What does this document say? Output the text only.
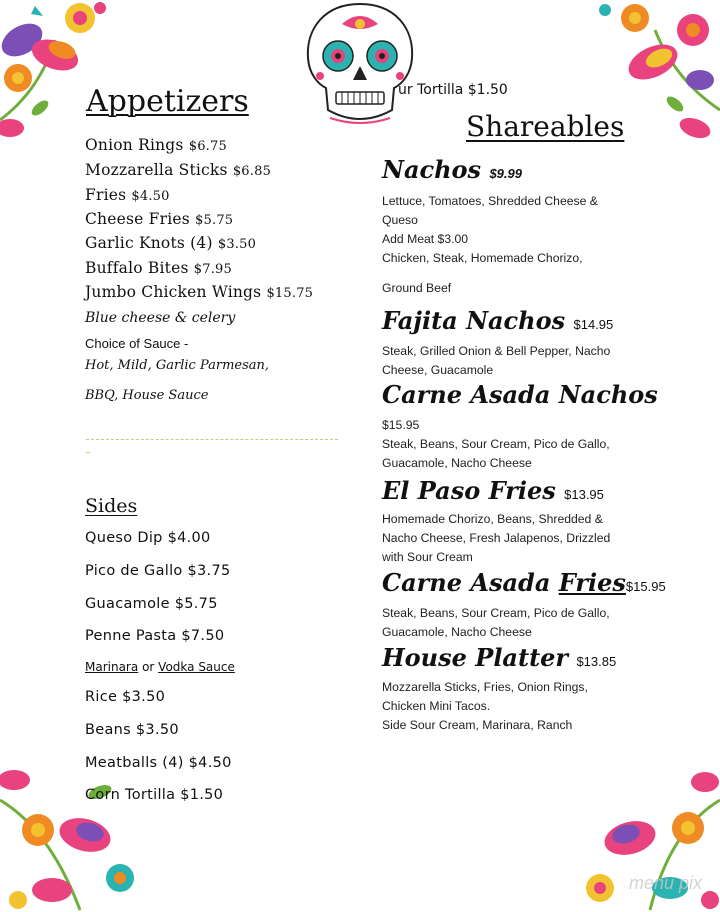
ur Tortilla $1.50
Appetizers
Onion Rings $6.75
Mozzarella Sticks $6.85
Fries $4.50
Cheese Fries $5.75
Garlic Knots (4) $3.50
Buffalo Bites $7.95
Jumbo Chicken Wings $15.75
Blue cheese & celery
Choice of Sauce -
Hot, Mild, Garlic Parmesan,
BBQ, House Sauce
Sides
Queso Dip $4.00
Pico de Gallo $3.75
Guacamole $5.75
Penne Pasta $7.50
Marinara or Vodka Sauce
Rice $3.50
Beans $3.50
Meatballs (4) $4.50
Corn Tortilla $1.50
Shareables
Nachos $9.99
Lettuce, Tomatoes, Shredded Cheese &
Queso
Add Meat $3.00
Chicken, Steak, Homemade Chorizo,
Ground Beef
Fajita Nachos $14.95
Steak, Grilled Onion & Bell Pepper, Nacho
Cheese, Guacamole
Carne Asada Nachos
$15.95
Steak, Beans, Sour Cream, Pico de Gallo,
Guacamole, Nacho Cheese
El Paso Fries $13.95
Homemade Chorizo, Beans, Shredded &
Nacho Cheese, Fresh Jalapenos, Drizzled
with Sour Cream
Carne Asada Fries$15.95
Steak, Beans, Sour Cream, Pico de Gallo,
Guacamole, Nacho Cheese
House Platter $13.85
Mozzarella Sticks, Fries, Onion Rings,
Chicken Mini Tacos.
Side Sour Cream, Marinara, Ranch
menu pix
